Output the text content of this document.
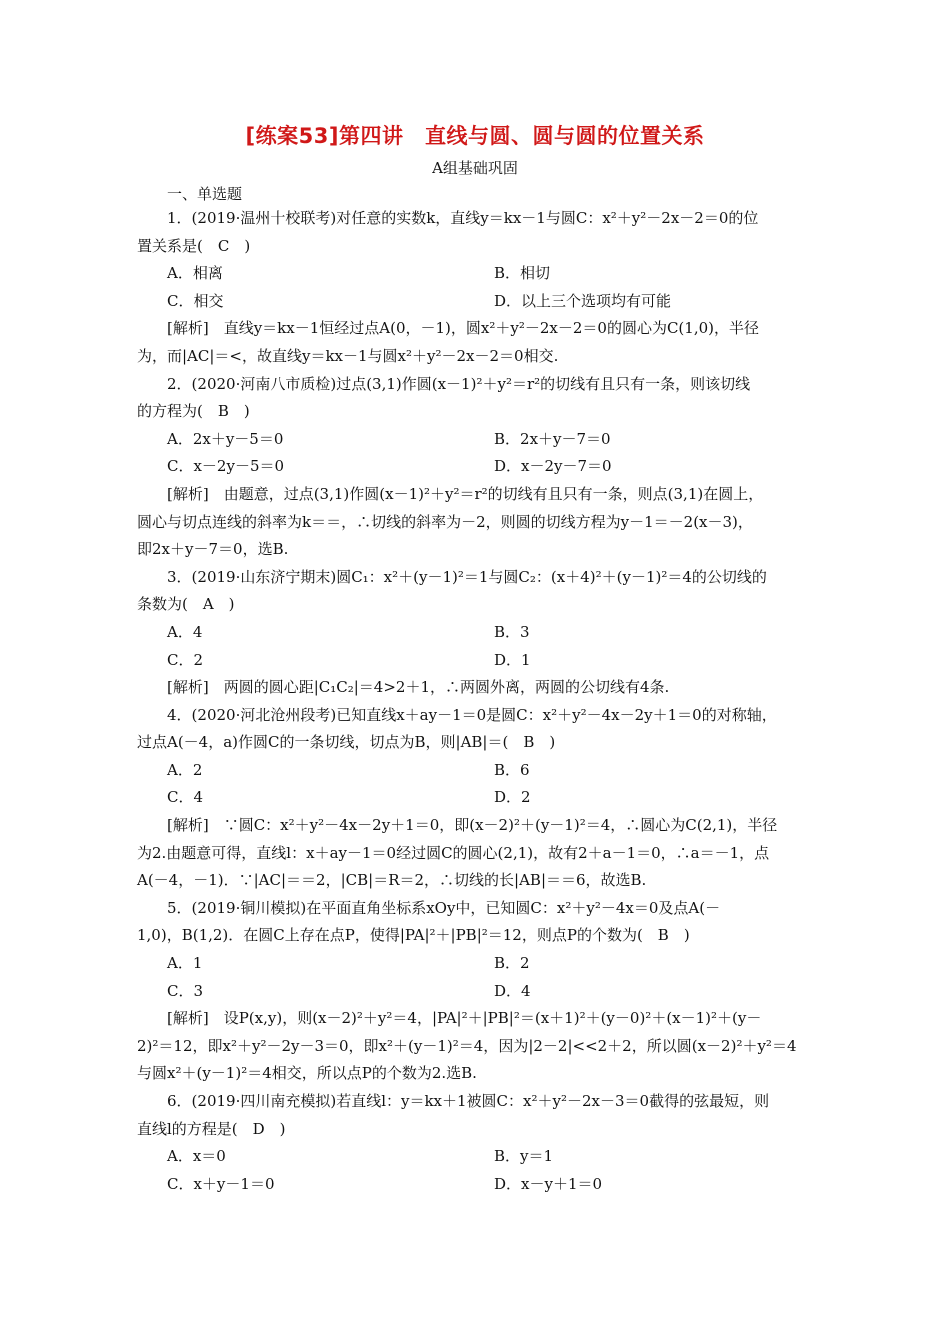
[练案53]第四讲　直线与圆、圆与圆的位置关系
A组基础巩固
一、单选题
1．(2019·温州十校联考)对任意的实数k，直线y＝kx－1与圆C：x²＋y²－2x－2＝0的位
置关系是(　C　)
A．相离	B．相切
C．相交	D．以上三个选项均有可能
[解析]　直线y＝kx－1恒经过点A(0，－1)，圆x²＋y²－2x－2＝0的圆心为C(1,0)，半径
为，而|AC|＝<，故直线y＝kx－1与圆x²＋y²－2x－2＝0相交.
2．(2020·河南八市质检)过点(3,1)作圆(x－1)²＋y²＝r²的切线有且只有一条，则该切线
的方程为(　B　)
A．2x＋y－5＝0	B．2x＋y－7＝0
C．x－2y－5＝0	D．x－2y－7＝0
[解析]　由题意，过点(3,1)作圆(x－1)²＋y²＝r²的切线有且只有一条，则点(3,1)在圆上，
圆心与切点连线的斜率为k＝＝，∴切线的斜率为－2，则圆的切线方程为y－1＝－2(x－3)，
即2x＋y－7＝0，选B.
3．(2019·山东济宁期末)圆C₁：x²＋(y－1)²＝1与圆C₂：(x＋4)²＋(y－1)²＝4的公切线的
条数为(　A　)
A．4	B．3
C．2	D．1
[解析]　两圆的圆心距|C₁C₂|＝4>2＋1，∴两圆外离，两圆的公切线有4条.
4．(2020·河北沧州段考)已知直线x＋ay－1＝0是圆C：x²＋y²－4x－2y＋1＝0的对称轴，
过点A(－4，a)作圆C的一条切线，切点为B，则|AB|＝(　B　)
A．2	B．6
C．4	D．2
[解析]　∵圆C：x²＋y²－4x－2y＋1＝0，即(x－2)²＋(y－1)²＝4，∴圆心为C(2,1)，半径
为2.由题意可得，直线l：x＋ay－1＝0经过圆C的圆心(2,1)，故有2＋a－1＝0，∴a＝－1，点
A(－4，－1)．∵|AC|＝＝2，|CB|＝R＝2，∴切线的长|AB|＝＝6，故选B.
5．(2019·铜川模拟)在平面直角坐标系xOy中，已知圆C：x²＋y²－4x＝0及点A(－
1,0)，B(1,2)．在圆C上存在点P，使得|PA|²＋|PB|²＝12，则点P的个数为(　B　)
A．1	B．2
C．3	D．4
[解析]　设P(x,y)，则(x－2)²＋y²＝4，|PA|²＋|PB|²＝(x＋1)²＋(y－0)²＋(x－1)²＋(y－
2)²＝12，即x²＋y²－2y－3＝0，即x²＋(y－1)²＝4，因为|2－2|<<2＋2，所以圆(x－2)²＋y²＝4
与圆x²＋(y－1)²＝4相交，所以点P的个数为2.选B.
6．(2019·四川南充模拟)若直线l：y＝kx＋1被圆C：x²＋y²－2x－3＝0截得的弦最短，则
直线l的方程是(　D　)
A．x＝0	B．y＝1
C．x＋y－1＝0	D．x－y＋1＝0
